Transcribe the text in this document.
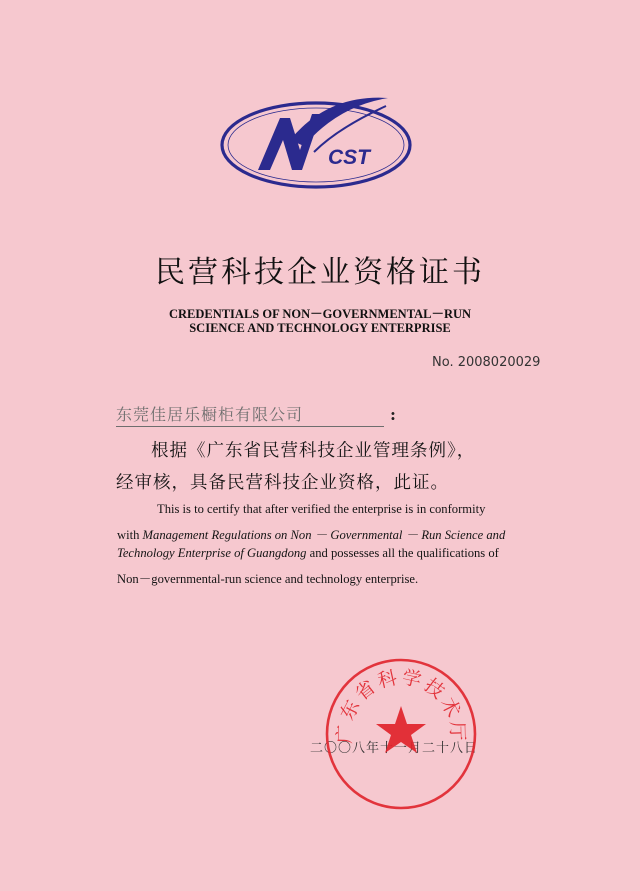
CST
民营科技企业资格证书
CREDENTIALS OF NON－GOVERNMENTAL－RUN
SCIENCE AND TECHNOLOGY ENTERPRISE
No. 2008020029
东莞佳居乐橱柜有限公司	:
根据《广东省民营科技企业管理条例》，
经审核，具备民营科技企业资格，此证。
This is to certify that after verified the enterprise is in conformity
with Management Regulations on Non － Governmental － Run Science and
Technology Enterprise of Guangdong and possesses all the qualifications of
Non－governmental-run science and technology enterprise.
二〇〇八年十一月二十八日
广东省科学技术厅
